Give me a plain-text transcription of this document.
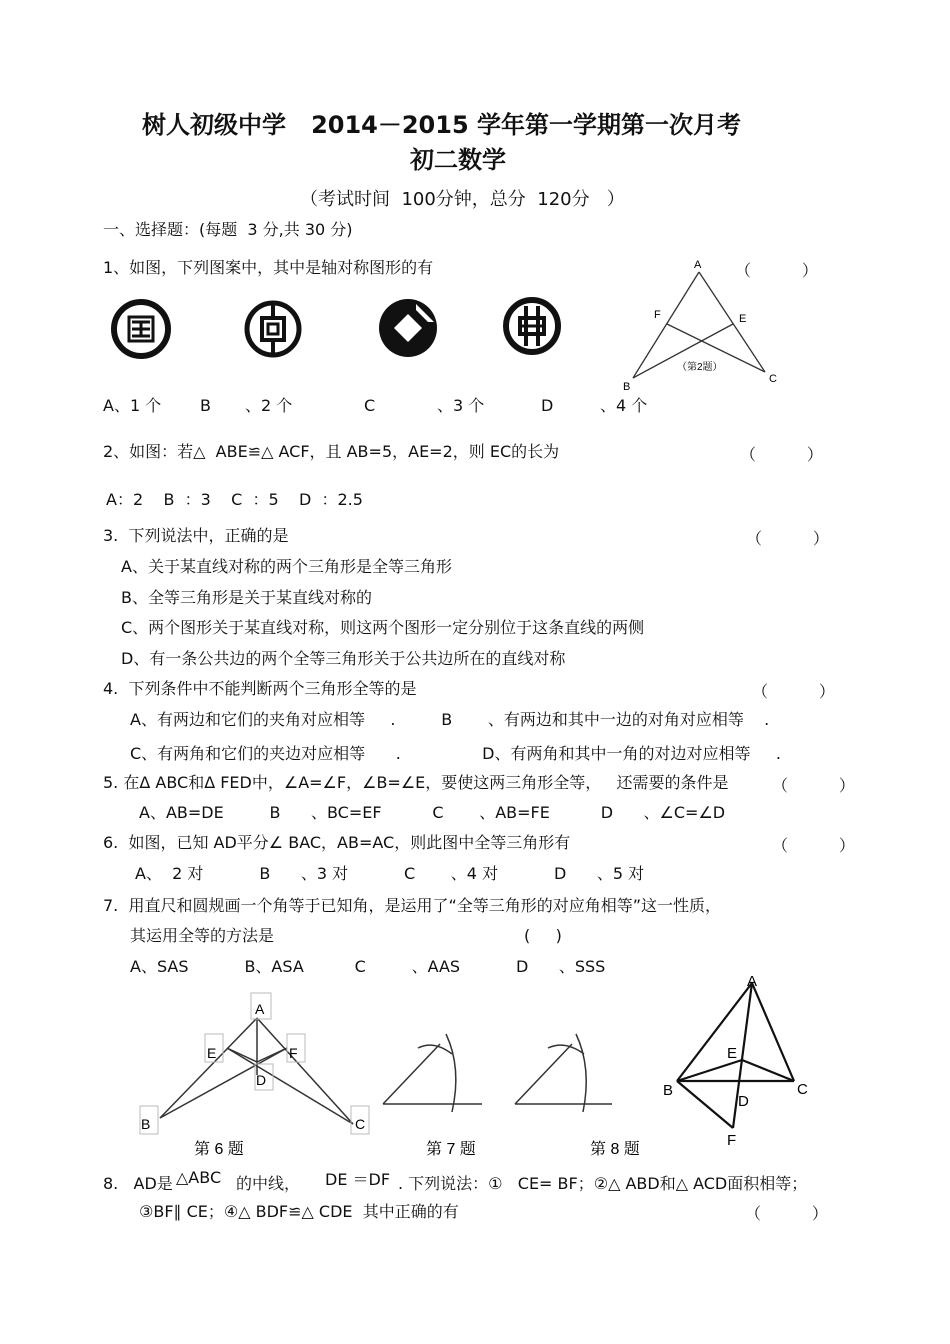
树人初级中学   2014－2015 学年第一学期第一次月考
初二数学
（考试时间  100分钟，总分  120分   ）
一、选择题：(每题  3 分,共 30 分)
1、如图，下列图案中，其中是轴对称图形的有	（          ）
A、1 个 B 、2 个	C	、3 个	D	、4 个
A
F	E
B
C
（第2题）
2、如图：若△  ABE≌△ ACF，且 AB=5，AE=2，则 EC的长为	（          ）
A：2    B  ：3    C  ：5    D  ：2.5
3.  下列说法中，正确的是	（          ）
A、关于某直线对称的两个三角形是全等三角形
B、全等三角形是关于某直线对称的
C、两个图形关于某直线对称，则这两个图形一定分别位于这条直线的两侧
D、有一条公共边的两个全等三角形关于公共边所在的直线对称
4.  下列条件中不能判断两个三角形全等的是	（          ）
A、有两边和它们的夹角对应相等     .         B       、有两边和其中一边的对角对应相等    .
C、有两角和它们的夹边对应相等      .                D、有两角和其中一角的对边对应相等     .
5. 在Δ ABC和Δ FED中，∠A=∠F，∠B=∠E，要使这两三角形全等，   还需要的条件是	（          ）
A、AB=DE         B      、BC=EF          C       、AB=FE          D      、∠C=∠D
6.  如图，已知 AD平分∠ BAC，AB=AC，则此图中全等三角形有	（          ）
A、  2 对           B      、3 对           C       、4 对           D      、5 对
7.  用直尺和圆规画一个角等于已知角，是运用了“全等三角形的对应角相等”这一性质，
其运用全等的方法是	(     )
A、SAS           B、ASA          C         、AAS           D      、SSS
A
E	F
D
B	C
第 6 题	第 7 题	第 8 题
A
E
B	C
D
F
8.   AD是 △ABC 的中线， DE ＝DF . 下列说法：①   CE= BF；②△ ABD和△ ACD面积相等；
③BF∥ CE；④△ BDF≌△ CDE  其中正确的有	（          ）
